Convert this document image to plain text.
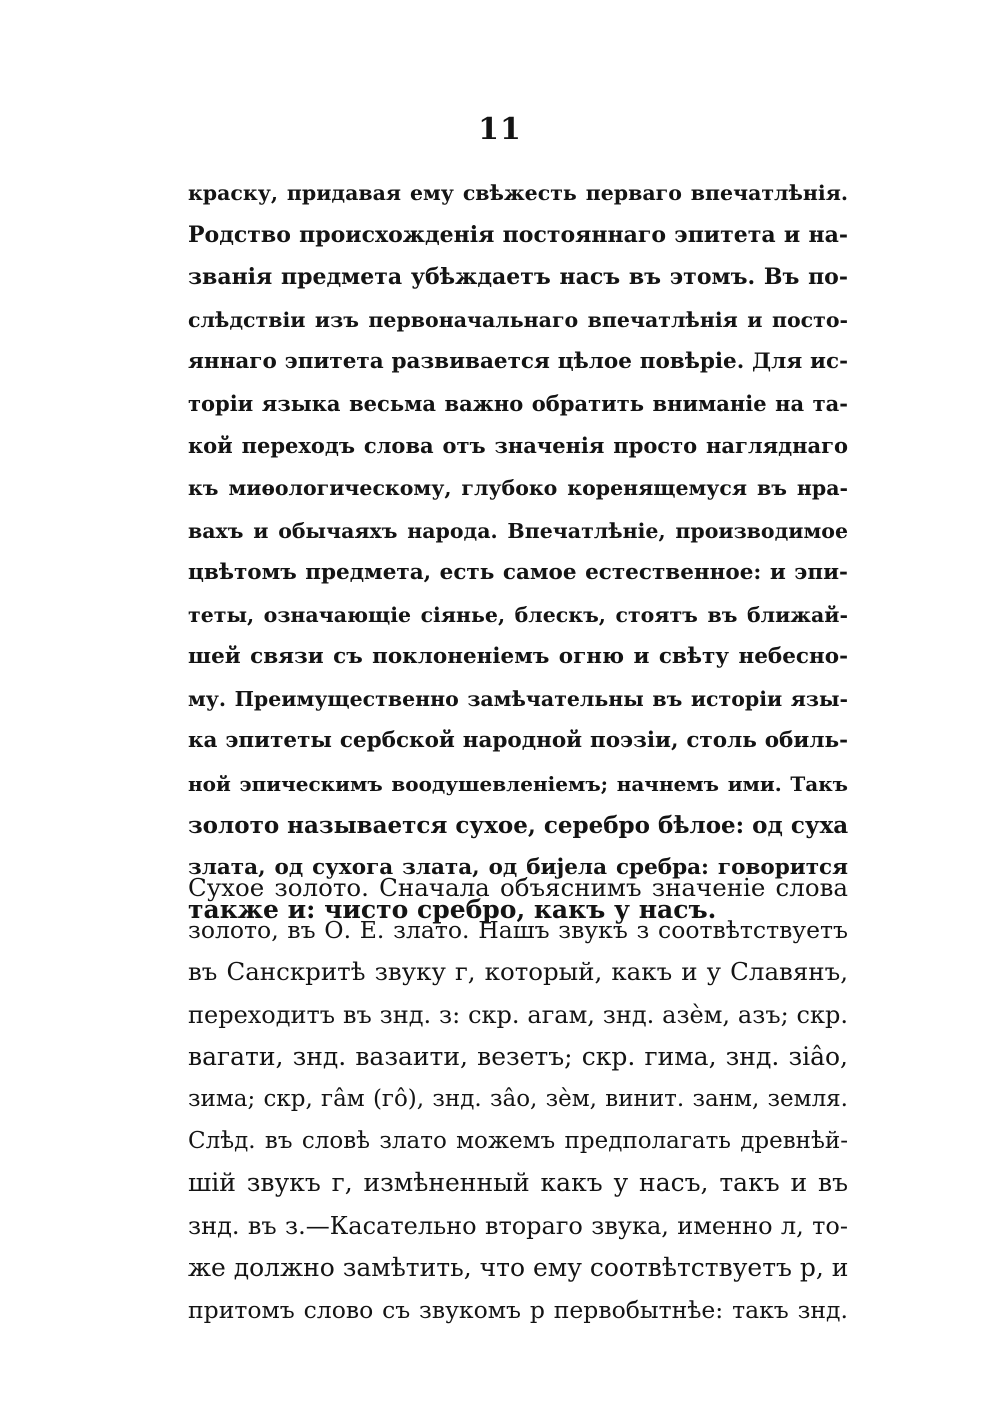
11

краску, придавая ему свѣжесть перваго впечатлѣнія.
Родство происхожденія постояннаго эпитета и на-
званія предмета убѣждаетъ насъ въ этомъ. Въ по-
слѣдствіи изъ первоначальнаго впечатлѣнія и посто-
яннаго эпитета развивается цѣлое повѣріе. Для ис-
торіи языка весьма важно обратить вниманіе на та-
кой переходъ слова отъ значенія просто нагляднаго
къ миѳологическому, глубоко коренящемуся въ нра-
вахъ и обычаяхъ народа. Впечатлѣніе, производимое
цвѣтомъ предмета, есть самое естественное: и эпи-
теты, означающіе сіянье, блескъ, стоятъ въ ближай-
шей связи съ поклоненіемъ огню и свѣту небесно-
му. Преимущественно замѣчательны въ исторіи язы-
ка эпитеты сербской народной поэзіи, столь обиль-
ной эпическимъ воодушевленіемъ; начнемъ ими. Такъ
золото называется сухое, серебро бѣлое: од суха
злата, од сухога злата, од бијела сребра: говорится
также и: чисто сребро, какъ у насъ.

Сухое золото. Сначала объяснимъ значеніе слова
золото, въ О. Е. злато. Нашъ звукъ з соотвѣтствуетъ
въ Санскритѣ звуку г, который, какъ и у Славянъ,
переходитъ въ знд. з: скр. агам, знд. азѐм, азъ; скр.
вагати, знд. вазаити, везетъ; скр. гима, знд. зіâо,
зима; скр, гâм (гô), знд. зâо, зѐм, винит. занм, земля.
Слѣд. въ словѣ злато можемъ предполагать древнѣй-
шій звукъ г, измѣненный какъ у насъ, такъ и въ
знд. въ з.—Касательно втораго звука, именно л, то-
же должно замѣтить, что ему соотвѣтствуетъ р, и
притомъ слово съ звукомъ р первобытнѣе: такъ знд.
